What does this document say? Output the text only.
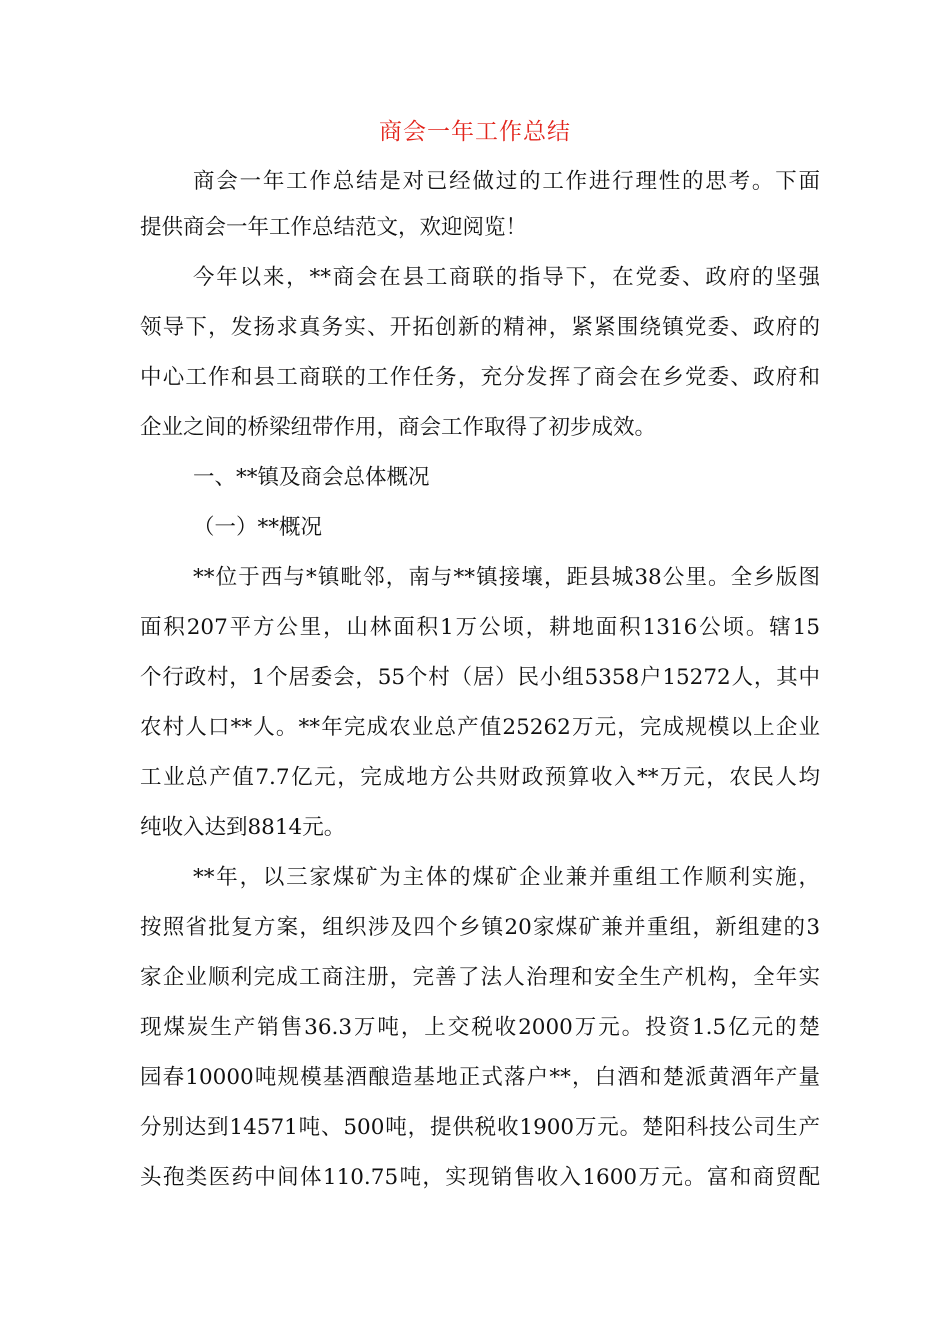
商会一年工作总结
商会一年工作总结是对已经做过的工作进行理性的思考。下面
提供商会一年工作总结范文，欢迎阅览！
今年以来，**商会在县工商联的指导下，在党委、政府的坚强
领导下，发扬求真务实、开拓创新的精神，紧紧围绕镇党委、政府的
中心工作和县工商联的工作任务，充分发挥了商会在乡党委、政府和
企业之间的桥梁纽带作用，商会工作取得了初步成效。
一、**镇及商会总体概况
（一）**概况
**位于西与*镇毗邻，南与**镇接壤，距县城38公里。全乡版图
面积207平方公里，山林面积1万公顷，耕地面积1316公顷。辖15
个行政村，1个居委会，55个村（居）民小组5358户15272人，其中
农村人口**人。**年完成农业总产值25262万元，完成规模以上企业
工业总产值7.7亿元，完成地方公共财政预算收入**万元，农民人均
纯收入达到8814元。
**年，以三家煤矿为主体的煤矿企业兼并重组工作顺利实施，
按照省批复方案，组织涉及四个乡镇20家煤矿兼并重组，新组建的3
家企业顺利完成工商注册，完善了法人治理和安全生产机构，全年实
现煤炭生产销售36.3万吨，上交税收2000万元。投资1.5亿元的楚
园春10000吨规模基酒酿造基地正式落户**，白酒和楚派黄酒年产量
分别达到14571吨、500吨，提供税收1900万元。楚阳科技公司生产
头孢类医药中间体110.75吨，实现销售收入1600万元。富和商贸配
